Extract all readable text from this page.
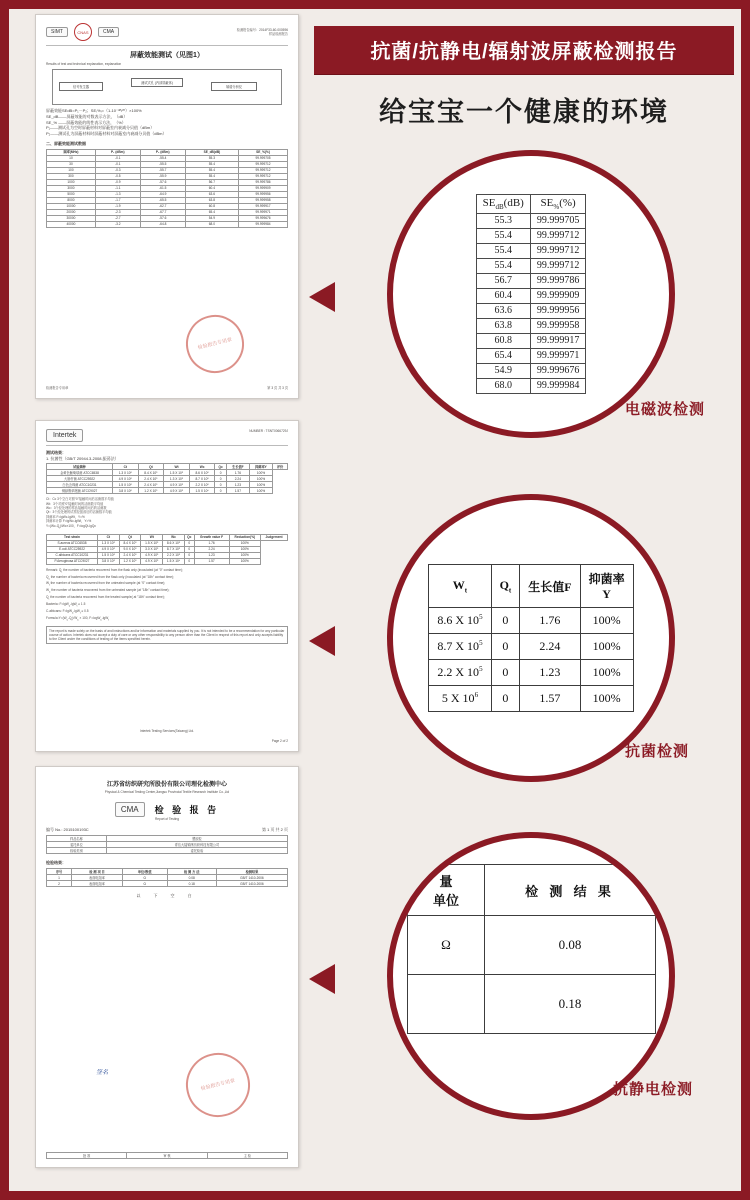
抗菌/抗静电/辐射波屏蔽检测报告
给宝宝一个健康的环境
SIMT	CNAS	CMA	检测报告编号：2014F33-60-000596
样品检测报告
屏蔽效能测试（见图1）
Results of test and technical explanation, explanation
信号发生器
测试式孔 (内部屏蔽体)
频谱分析仪
屏蔽效能SEdB=P₁－P₂；SE₍%₎=（1-10⁻ˢᴱ/²⁰）×100%
SE_dB——屏蔽效能的对数表示方法，（dB）
SE_% ——屏蔽效能的线性表示方法，（%）
P₁——测试孔为空时屏蔽材料对屏蔽室内衰减分贝值（dBm）
P₂——测试孔为屏蔽材料时屏蔽材料对屏蔽室内衰减分贝值（dBm）
二、屏蔽效能测试数据
频率(MHz)	P₁ (dBm)	P₂ (dBm)	SE_dB(dB)	SE_%(%)
10	-0.1	-55.4	55.3	99.999705
30	-0.1	-55.5	55.4	99.999712
100	-0.3	-55.7	55.4	99.999712
300	-0.5	-55.9	55.4	99.999712
1000	-0.9	-57.6	56.7	99.999786
3000	-1.1	-61.5	60.4	99.999909
5000	-1.3	-64.9	63.6	99.999956
8000	-1.7	-65.5	63.8	99.999958
10000	-1.9	-62.7	60.8	99.999917
20000	-2.3	-67.7	65.4	99.999971
30000	-2.7	-57.6	54.9	99.999676
40000	-3.2	-64.8	68.0	99.999984
检验报告专用章
检测报告专用章	第 3 页 共 3 页
Intertek
NUMBER : TSNT0066729J
测试结果：
1. 抗菌性（GB/T 20944.3-2008,振荡法）
试验菌种	Ct	Qt	Wt	Wc	Qc	生长值F	抑菌率Y	评价
金黄色葡萄球菌 ATCC6538	1.3 X 10⁵	8.4 X 10⁵	1.5 X 10⁵	8.6 X 10⁵	0	1.76	100%	
大肠杆菌 ATCC25922	4.9 X 10⁵	2.4 X 10⁵	1.3 X 10⁵	8.7 X 10⁵	0	2.24	100%	
白色念珠菌 ATCC10231	1.5 X 10⁵	2.4 X 10⁵	4.9 X 10⁵	2.2 X 10⁵	0	1.23	100%	
铜绿假单胞菌 ATCC9027	3.8 X 10⁵	1.2 X 10⁵	4.9 X 10⁵	1.5 X 10⁶	0	1.57	100%	
Ct：Cc 3个空白对照“0”接触时间后活菌数平均值
Wt：3个对照“0”接触时间的活菌数平均值
Wc：3个经处理的样品接触时间后的活菌数
Qt：3个经处理的试样经振荡后的活菌数平均值
抑菌率 F=lgWc-lgWt，Y=%
抑菌率计算 F=lgWc-lgWt，Y=%
$Y=(Wc-Q_t)/Wc\times 100$，F=logQt-lgQc
Test strain	Ct	Qt	Wt	Wc	Qc	Growth value F	Reduction(%)	Judgement
S.aureus ATCC6538	1.3 X 10⁵	8.4 X 10⁵	1.5 X 10⁵	8.6 X 10⁵	0	1.76	100%	
E.coli ATCC25922	4.9 X 10⁵	9.0 X 10⁵	3.0 X 10⁵	8.7 X 10⁵	0	2.24	100%	
C.albicans ATCC10231	1.5 X 10⁵	2.4 X 10⁵	4.9 X 10⁵	2.2 X 10⁵	0	1.23	100%	
P.Aeruginosa ATCC9027	3.8 X 10⁵	1.2 X 10⁵	4.9 X 10⁵	1.5 X 10⁶	0	1.57	100%	
Remark: $Q_t$ the number of bacteria recovered from the flask only (inoculated (at "0" contact time);
$Q_c$ the number of bacteria recovered from the flask only (inoculated (at "18h" contact time);
$W_t$ the number of bacteria recovered from the untreated sample (at "0" contact time);
$W_c$ the number of bacteria recovered from the untreated sample (at "18h" contact time);
$Q_t$ the number of bacteria recovered from the treated sample( at "18h" contact time);
Bacteria: F=lgW$_c$-lgW$_t$ ≥ 1.5
C.albicans: F=lgW$_c$-lgW$_t$ ≥ 0.5
$Formula:Y=(W_c-Q_t)/W_c \times 100$, F=logW$_c$-lgW$_t$
The report is made solely on the basis of and instructions and/or information and materials supplied by you. It is not intended to be a recommendation for any particular course of action. Intertek does not accept a duty of care or any other responsibility to any person other than the Client in respect of this report and only accepts liability to the Client under the conditions of testing of the items specified herein.
Intertek Testing Services(Taicang) Ltd.
Page 2 of 2
江苏省纺织研究所股份有限公司理化检测中心
Physical & Chemical Testing Center,Jiangsu Provincial Textile Research Institute Co.,Ltd
CMA	检 验 报 告
Report of Testing
编号 No.: 2015100193C	第 1 页 共 2 页
样品名称	塑胶粒
委托单位	青岛大陆锦绣纺织科技有限公司
检验类别	委托检验
检验结果：
序号	检 测 项 目	单位/数值	检 测 方 法	检测结果
1	表面电阻率	Ω	0.08	GB/T 1410-2006
2	表面电阻率	Ω	0.18	GB/T 1410-2006
以 下 空 白
检验报告专用章
签名
批 准	审 核	主 检
$SE_{dB}(dB)$	$SE_{\%}(\%)$
55.3	99.999705
55.4	99.999712
55.4	99.999712
55.4	99.999712
56.7	99.999786
60.4	99.999909
63.6	99.999956
63.8	99.999958
60.8	99.999917
65.4	99.999971
54.9	99.999676
68.0	99.999984
电磁波检测
$W_t$	$Q_t$	生长值F	抑菌率
Y
8.6 X $10^5$	0	1.76	100%
8.7 X $10^5$	0	2.24	100%
2.2 X $10^5$	0	1.23	100%
5 X $10^6$	0	1.57	100%
抗菌检测
量
单位	检 测 结 果
Ω	0.08
	0.18
抗静电检测
